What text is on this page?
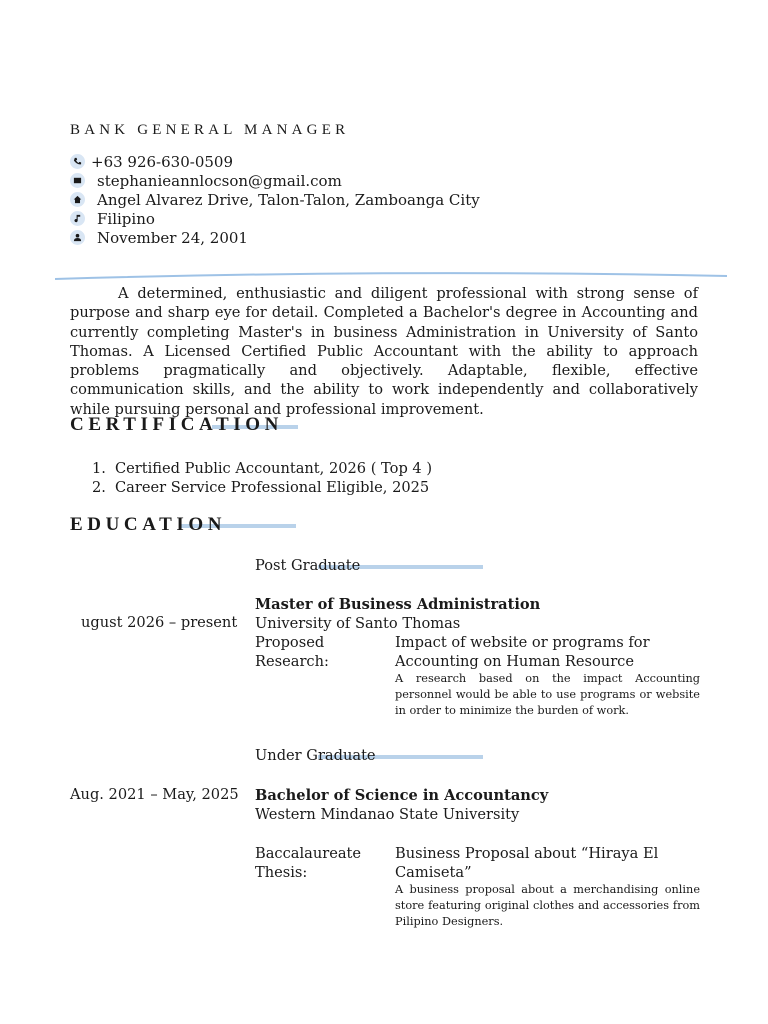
BANK GENERAL MANAGER
+63 926-630-0509
stephanieannlocson@gmail.com
Angel Alvarez Drive, Talon-Talon, Zamboanga City
Filipino
November 24, 2001

A determined, enthusiastic and diligent professional with strong sense of purpose and sharp eye for detail. Completed a Bachelor's degree in Accounting and currently completing Master's in business Administration in University of Santo Thomas. A Licensed Certified Public Accountant with the ability to approach problems pragmatically and objectively. Adaptable, flexible, effective communication skills, and the ability to work independently and collaboratively while pursuing personal and professional improvement.

CERTIFICATION
1. Certified Public Accountant, 2026 ( Top 4 )
2. Career Service Professional Eligible, 2025
EDUCATION
Post Graduate
ugust 2026 – present
Master of Business Administration
University of Santo Thomas
Proposed Research:
Impact of website or programs for
Accounting on Human Resource
A research based on the impact Accounting personnel would be able to use programs or website in order to minimize the burden of work.
Under Graduate
Aug. 2021 – May, 2025 Bachelor of Science in Accountancy
Western Mindanao State University
Baccalaureate Thesis:
Business Proposal about “Hiraya El
Camiseta”
A business proposal about a merchandising online store featuring original clothes and accessories from Pilipino Designers.
